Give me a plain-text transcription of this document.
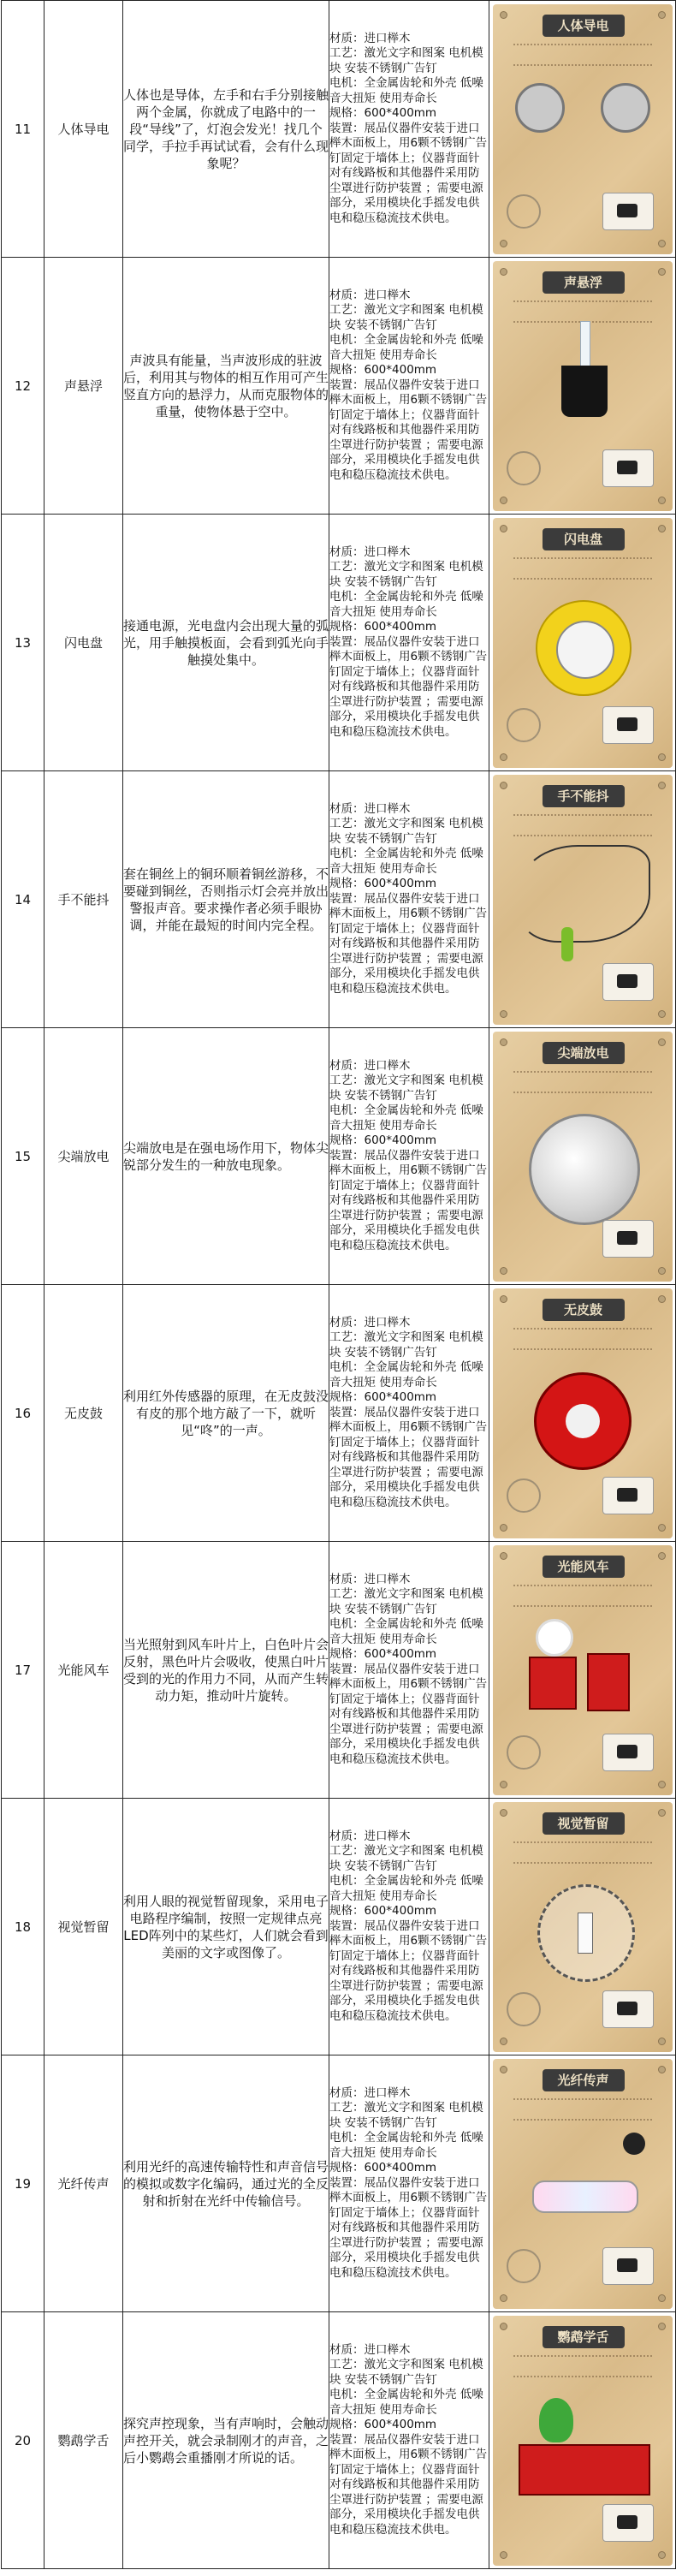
11	人体导电	人体也是导体，左手和右手分别接触两个金属，你就成了电路中的一段“导线”了，灯泡会发光！找几个同学，手拉手再试试看，会有什么现象呢？	材质：进口榉木
工艺：激光文字和图案 电机模块 安装不锈钢广告钉
电机：全金属齿轮和外壳 低噪音大扭矩 使用寿命长
规格：600*400mm
装置：展品仪器件安装于进口榉木面板上，用6颗不锈钢广告钉固定于墙体上；仪器背面针对有线路板和其他器件采用防尘罩进行防护装置 ；需要电源部分，采用模块化手摇发电供电和稳压稳流技术供电。	人体导电

12	声悬浮	声波具有能量，当声波形成的驻波后，利用其与物体的相互作用可产生竖直方向的悬浮力，从而克服物体的重量，使物体悬于空中。	材质：进口榉木
工艺：激光文字和图案 电机模块 安装不锈钢广告钉
电机：全金属齿轮和外壳 低噪音大扭矩 使用寿命长
规格：600*400mm
装置：展品仪器件安装于进口榉木面板上，用6颗不锈钢广告钉固定于墙体上；仪器背面针对有线路板和其他器件采用防尘罩进行防护装置 ；需要电源部分，采用模块化手摇发电供电和稳压稳流技术供电。	声悬浮

13	闪电盘	接通电源，光电盘内会出现大量的弧光，用手触摸板面，会看到弧光向手触摸处集中。	材质：进口榉木
工艺：激光文字和图案 电机模块 安装不锈钢广告钉
电机：全金属齿轮和外壳 低噪音大扭矩 使用寿命长
规格：600*400mm
装置：展品仪器件安装于进口榉木面板上，用6颗不锈钢广告钉固定于墙体上；仪器背面针对有线路板和其他器件采用防尘罩进行防护装置 ；需要电源部分，采用模块化手摇发电供电和稳压稳流技术供电。	闪电盘

14	手不能抖	套在铜丝上的铜环顺着铜丝游移，不要碰到铜丝，否则指示灯会亮并放出警报声音。要求操作者必须手眼协调，并能在最短的时间内完全程。	材质：进口榉木
工艺：激光文字和图案 电机模块 安装不锈钢广告钉
电机：全金属齿轮和外壳 低噪音大扭矩 使用寿命长
规格：600*400mm
装置：展品仪器件安装于进口榉木面板上，用6颗不锈钢广告钉固定于墙体上；仪器背面针对有线路板和其他器件采用防尘罩进行防护装置 ；需要电源部分，采用模块化手摇发电供电和稳压稳流技术供电。	手不能抖

15	尖端放电	尖端放电是在强电场作用下，物体尖锐部分发生的一种放电现象。	材质：进口榉木
工艺：激光文字和图案 电机模块 安装不锈钢广告钉
电机：全金属齿轮和外壳 低噪音大扭矩 使用寿命长
规格：600*400mm
装置：展品仪器件安装于进口榉木面板上，用6颗不锈钢广告钉固定于墙体上；仪器背面针对有线路板和其他器件采用防尘罩进行防护装置 ；需要电源部分，采用模块化手摇发电供电和稳压稳流技术供电。	尖端放电

16	无皮鼓	利用红外传感器的原理，在无皮鼓没有皮的那个地方敲了一下，就听见“咚”的一声。	材质：进口榉木
工艺：激光文字和图案 电机模块 安装不锈钢广告钉
电机：全金属齿轮和外壳 低噪音大扭矩 使用寿命长
规格：600*400mm
装置：展品仪器件安装于进口榉木面板上，用6颗不锈钢广告钉固定于墙体上；仪器背面针对有线路板和其他器件采用防尘罩进行防护装置 ；需要电源部分，采用模块化手摇发电供电和稳压稳流技术供电。	无皮鼓

17	光能风车	当光照射到风车叶片上，白色叶片会反射，黑色叶片会吸收，使黑白叶片受到的光的作用力不同，从而产生转动力矩，推动叶片旋转。	材质：进口榉木
工艺：激光文字和图案 电机模块 安装不锈钢广告钉
电机：全金属齿轮和外壳 低噪音大扭矩 使用寿命长
规格：600*400mm
装置：展品仪器件安装于进口榉木面板上，用6颗不锈钢广告钉固定于墙体上；仪器背面针对有线路板和其他器件采用防尘罩进行防护装置 ；需要电源部分，采用模块化手摇发电供电和稳压稳流技术供电。	光能风车

18	视觉暂留	利用人眼的视觉暂留现象，采用电子电路程序编制，按照一定规律点亮LED阵列中的某些灯，人们就会看到美丽的文字或图像了。	材质：进口榉木
工艺：激光文字和图案 电机模块 安装不锈钢广告钉
电机：全金属齿轮和外壳 低噪音大扭矩 使用寿命长
规格：600*400mm
装置：展品仪器件安装于进口榉木面板上，用6颗不锈钢广告钉固定于墙体上；仪器背面针对有线路板和其他器件采用防尘罩进行防护装置 ；需要电源部分，采用模块化手摇发电供电和稳压稳流技术供电。	视觉暂留

19	光纤传声	利用光纤的高速传输特性和声音信号的模拟或数字化编码，通过光的全反射和折射在光纤中传输信号。	材质：进口榉木
工艺：激光文字和图案 电机模块 安装不锈钢广告钉
电机：全金属齿轮和外壳 低噪音大扭矩 使用寿命长
规格：600*400mm
装置：展品仪器件安装于进口榉木面板上，用6颗不锈钢广告钉固定于墙体上；仪器背面针对有线路板和其他器件采用防尘罩进行防护装置 ；需要电源部分，采用模块化手摇发电供电和稳压稳流技术供电。	光纤传声

20	鹦鹉学舌	探究声控现象，当有声响时，会触动声控开关，就会录制刚才的声音，之后小鹦鹉会重播刚才所说的话。	材质：进口榉木
工艺：激光文字和图案 电机模块 安装不锈钢广告钉
电机：全金属齿轮和外壳 低噪音大扭矩 使用寿命长
规格：600*400mm
装置：展品仪器件安装于进口榉木面板上，用6颗不锈钢广告钉固定于墙体上；仪器背面针对有线路板和其他器件采用防尘罩进行防护装置 ；需要电源部分，采用模块化手摇发电供电和稳压稳流技术供电。	鹦鹉学舌
